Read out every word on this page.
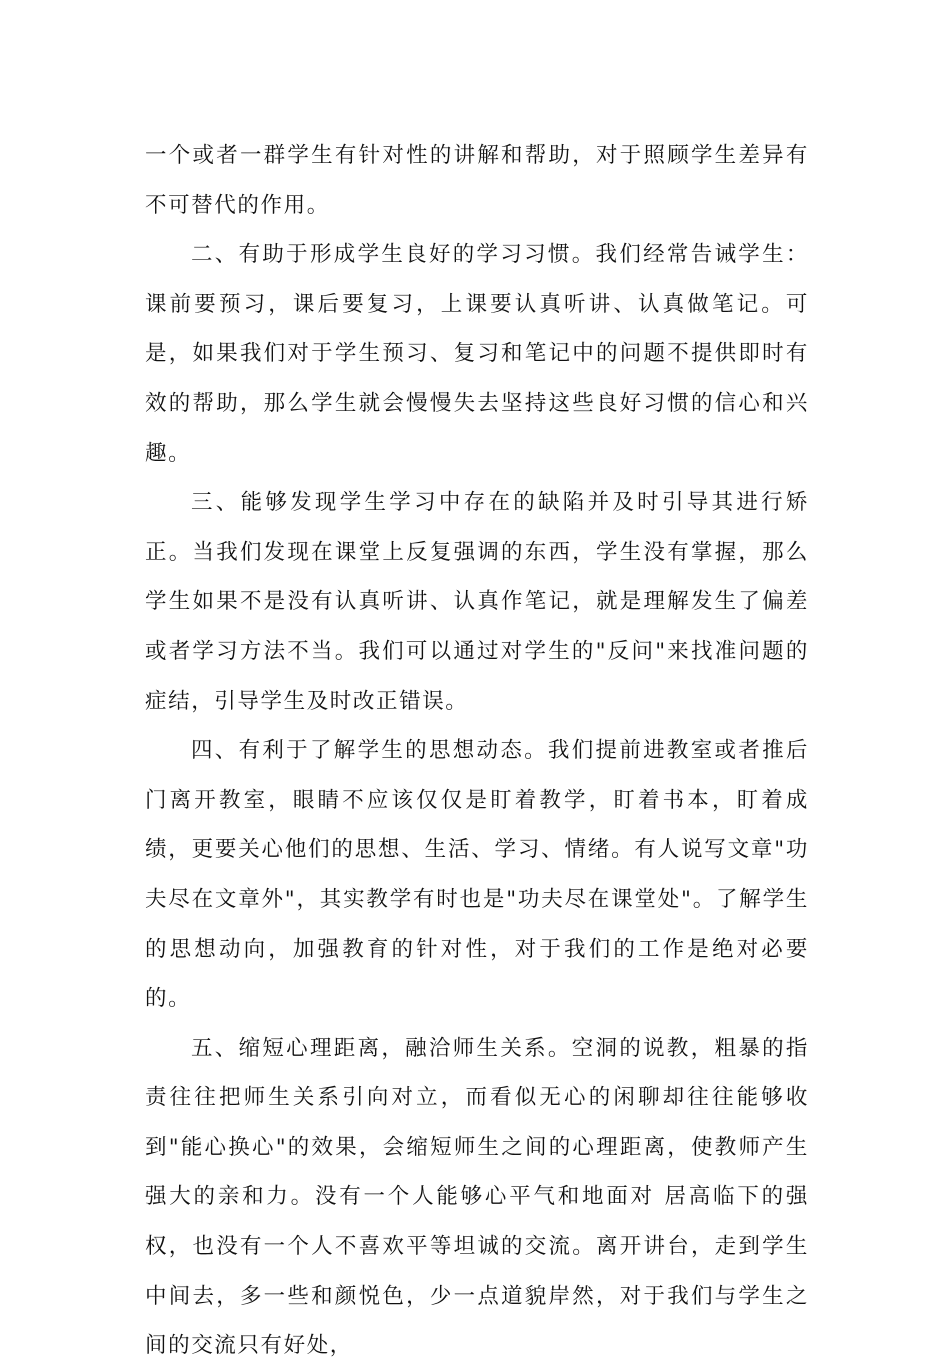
一个或者一群学生有针对性的讲解和帮助，对于照顾学生差异有不可替代的作用。

二、有助于形成学生良好的学习习惯。我们经常告诫学生：课前要预习，课后要复习，上课要认真听讲、认真做笔记。可是，如果我们对于学生预习、复习和笔记中的问题不提供即时有效的帮助，那么学生就会慢慢失去坚持这些良好习惯的信心和兴趣。

三、能够发现学生学习中存在的缺陷并及时引导其进行矫正。当我们发现在课堂上反复强调的东西，学生没有掌握，那么学生如果不是没有认真听讲、认真作笔记，就是理解发生了偏差或者学习方法不当。我们可以通过对学生的"反问"来找准问题的症结，引导学生及时改正错误。

四、有利于了解学生的思想动态。我们提前进教室或者推后门离开教室，眼睛不应该仅仅是盯着教学，盯着书本，盯着成绩，更要关心他们的思想、生活、学习、情绪。有人说写文章"功夫尽在文章外"，其实教学有时也是"功夫尽在课堂处"。了解学生的思想动向，加强教育的针对性，对于我们的工作是绝对必要的。

五、缩短心理距离，融洽师生关系。空洞的说教，粗暴的指责往往把师生关系引向对立，而看似无心的闲聊却往往能够收到"能心换心"的效果，会缩短师生之间的心理距离，使教师产生强大的亲和力。没有一个人能够心平气和地面对 居高临下的强权，也没有一个人不喜欢平等坦诚的交流。离开讲台，走到学生中间去，多一些和颜悦色，少一点道貌岸然，对于我们与学生之间的交流只有好处，
